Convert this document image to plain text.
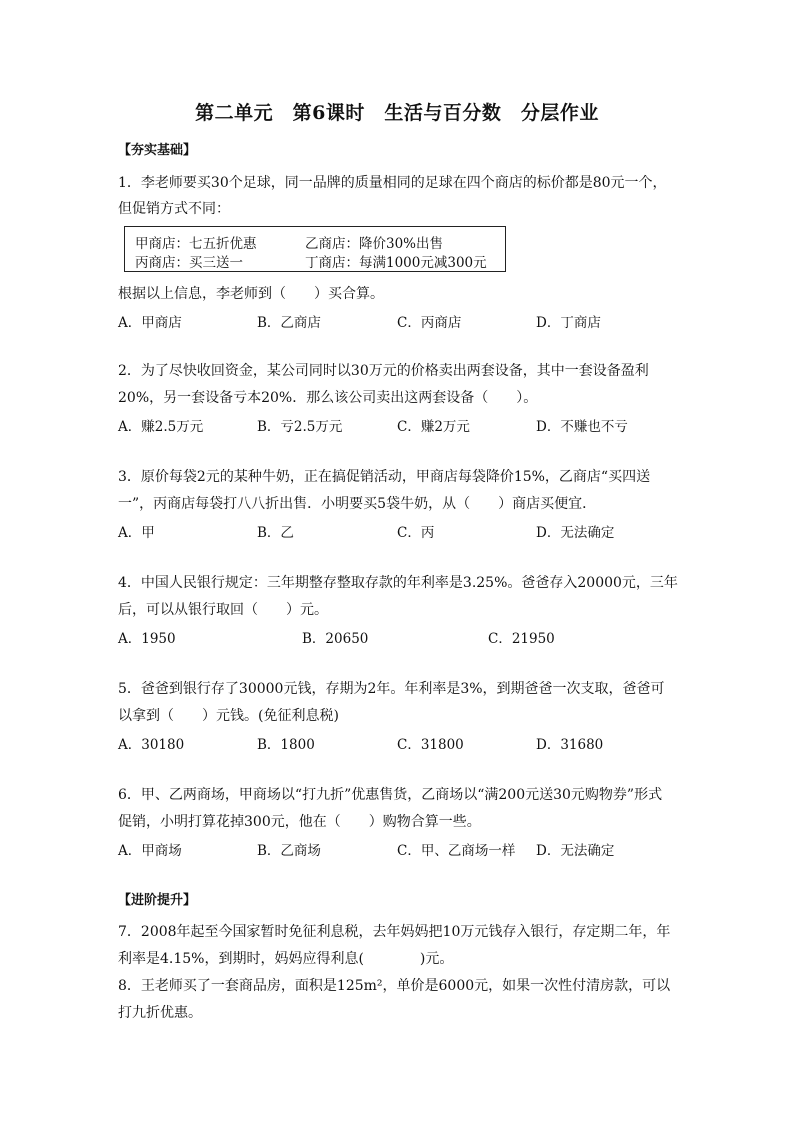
第二单元　第6课时　生活与百分数　分层作业
【夯实基础】
1．李老师要买30个足球，同一品牌的质量相同的足球在四个商店的标价都是80元一个，
但促销方式不同：
甲商店：七五折优惠	乙商店：降价30%出售
丙商店：买三送一	丁商店：每满1000元减300元
根据以上信息，李老师到（　　）买合算。
A．甲商店	B．乙商店	C．丙商店	D．丁商店
2．为了尽快收回资金，某公司同时以30万元的价格卖出两套设备，其中一套设备盈利
20%，另一套设备亏本20%．那么该公司卖出这两套设备（　　）。
A．赚2.5万元	B．亏2.5万元	C．赚2万元	D．不赚也不亏
3．原价每袋2元的某种牛奶，正在搞促销活动，甲商店每袋降价15%，乙商店“买四送
一”，丙商店每袋打八八折出售．小明要买5袋牛奶，从（　　）商店买便宜．
A．甲	B．乙	C．丙	D．无法确定
4．中国人民银行规定：三年期整存整取存款的年利率是3.25%。爸爸存入20000元，三年
后，可以从银行取回（　　）元。
A．1950	B．20650	C．21950
5．爸爸到银行存了30000元钱，存期为2年。年利率是3%，到期爸爸一次支取，爸爸可
以拿到（　　）元钱。(免征利息税)
A．30180	B．1800	C．31800	D．31680
6．甲、乙两商场，甲商场以“打九折”优惠售货，乙商场以“满200元送30元购物券”形式
促销，小明打算花掉300元，他在（　　）购物合算一些。
A．甲商场	B．乙商场	C．甲、乙商场一样 D．无法确定
【进阶提升】
7．2008年起至今国家暂时免征利息税，去年妈妈把10万元钱存入银行，存定期二年，年
利率是4.15%，到期时，妈妈应得利息(　　　　)元。
8．王老师买了一套商品房，面积是125m²，单价是6000元，如果一次性付清房款，可以
打九折优惠。
